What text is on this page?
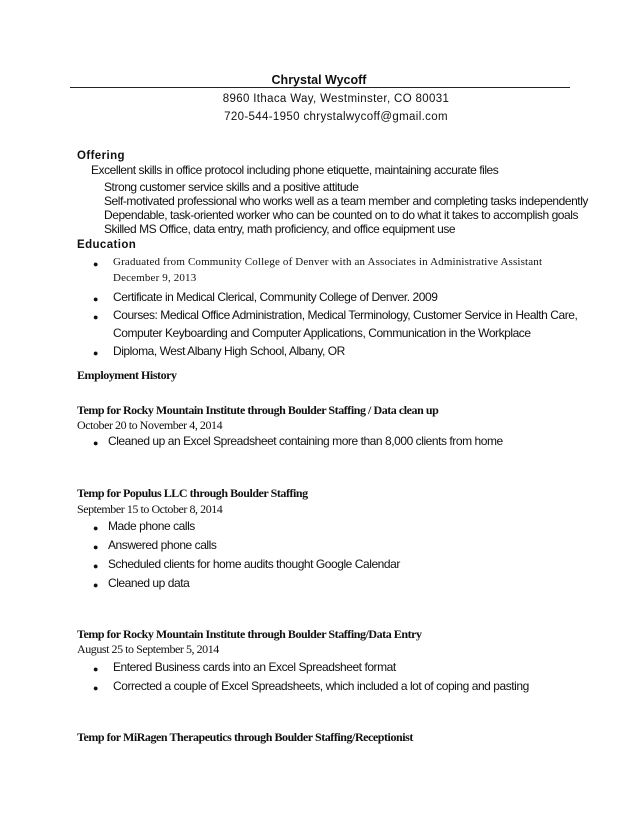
Chrystal Wycoff
8960 Ithaca Way, Westminster, CO 80031
720-544-1950 chrystalwycoff@gmail.com
Offering
Excellent skills in office protocol including phone etiquette, maintaining accurate files
Strong customer service skills and a positive attitude
Self-motivated professional who works well as a team member and completing tasks independently
Dependable, task-oriented worker who can be counted on to do what it takes to accomplish goals
Skilled MS Office, data entry, math proficiency, and office equipment use
Education
● Graduated from Community College of Denver with an Associates in Administrative Assistant
December 9, 2013
● Certificate in Medical Clerical, Community College of Denver. 2009
● Courses: Medical Office Administration, Medical Terminology, Customer Service in Health Care,
Computer Keyboarding and Computer Applications, Communication in the Workplace
● Diploma, West Albany High School, Albany, OR
Employment History
Temp for Rocky Mountain Institute through Boulder Staffing / Data clean up
October 20 to November 4, 2014
● Cleaned up an Excel Spreadsheet containing more than 8,000 clients from home
Temp for Populus LLC through Boulder Staffing
September 15 to October 8, 2014
● Made phone calls
● Answered phone calls
● Scheduled clients for home audits thought Google Calendar
● Cleaned up data
Temp for Rocky Mountain Institute through Boulder Staffing/Data Entry
August 25 to September 5, 2014
● Entered Business cards into an Excel Spreadsheet format
● Corrected a couple of Excel Spreadsheets, which included a lot of coping and pasting
Temp for MiRagen Therapeutics through Boulder Staffing/Receptionist
